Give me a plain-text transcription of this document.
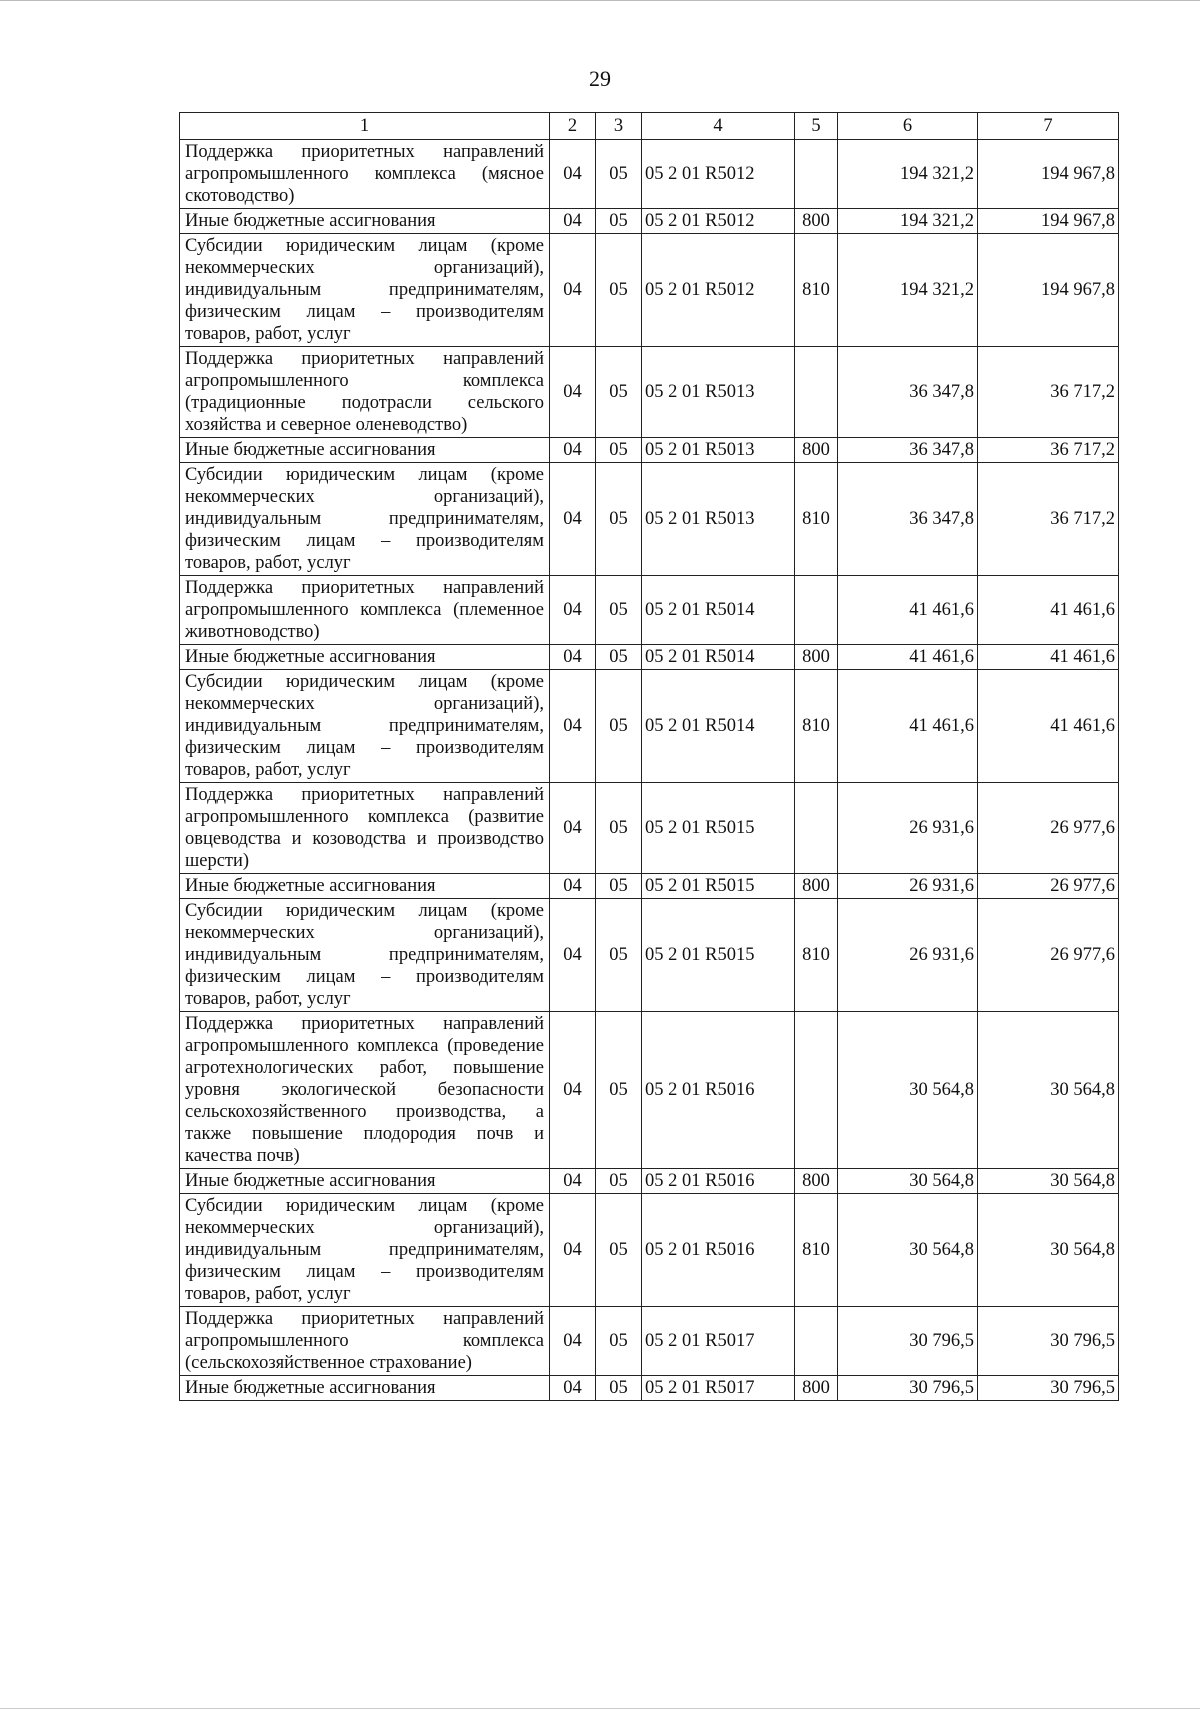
29
1	2	3	4	5	6	7
Поддержка приоритетных направлений агропромышленного комплекса (мясное скотоводство)	04	05	05 2 01 R5012		194 321,2	194 967,8
Иные бюджетные ассигнования	04	05	05 2 01 R5012	800	194 321,2	194 967,8
Субсидии юридическим лицам (кроме некоммерческих организаций), индивидуальным предпринимателям, физическим лицам – производителям товаров, работ, услуг	04	05	05 2 01 R5012	810	194 321,2	194 967,8
Поддержка приоритетных направлений агропромышленного комплекса (традиционные подотрасли сельского хозяйства и северное оленеводство)	04	05	05 2 01 R5013		36 347,8	36 717,2
Иные бюджетные ассигнования	04	05	05 2 01 R5013	800	36 347,8	36 717,2
Субсидии юридическим лицам (кроме некоммерческих организаций), индивидуальным предпринимателям, физическим лицам – производителям товаров, работ, услуг	04	05	05 2 01 R5013	810	36 347,8	36 717,2
Поддержка приоритетных направлений агропромышленного комплекса (племенное животноводство)	04	05	05 2 01 R5014		41 461,6	41 461,6
Иные бюджетные ассигнования	04	05	05 2 01 R5014	800	41 461,6	41 461,6
Субсидии юридическим лицам (кроме некоммерческих организаций), индивидуальным предпринимателям, физическим лицам – производителям товаров, работ, услуг	04	05	05 2 01 R5014	810	41 461,6	41 461,6
Поддержка приоритетных направлений агропромышленного комплекса (развитие овцеводства и козоводства и производство шерсти)	04	05	05 2 01 R5015		26 931,6	26 977,6
Иные бюджетные ассигнования	04	05	05 2 01 R5015	800	26 931,6	26 977,6
Субсидии юридическим лицам (кроме некоммерческих организаций), индивидуальным предпринимателям, физическим лицам – производителям товаров, работ, услуг	04	05	05 2 01 R5015	810	26 931,6	26 977,6
Поддержка приоритетных направлений агропромышленного комплекса (проведение агротехнологических работ, повышение уровня экологической безопасности сельскохозяйственного производства, а также повышение плодородия почв и качества почв)	04	05	05 2 01 R5016		30 564,8	30 564,8
Иные бюджетные ассигнования	04	05	05 2 01 R5016	800	30 564,8	30 564,8
Субсидии юридическим лицам (кроме некоммерческих организаций), индивидуальным предпринимателям, физическим лицам – производителям товаров, работ, услуг	04	05	05 2 01 R5016	810	30 564,8	30 564,8
Поддержка приоритетных направлений агропромышленного комплекса (сельскохозяйственное страхование)	04	05	05 2 01 R5017		30 796,5	30 796,5
Иные бюджетные ассигнования	04	05	05 2 01 R5017	800	30 796,5	30 796,5
